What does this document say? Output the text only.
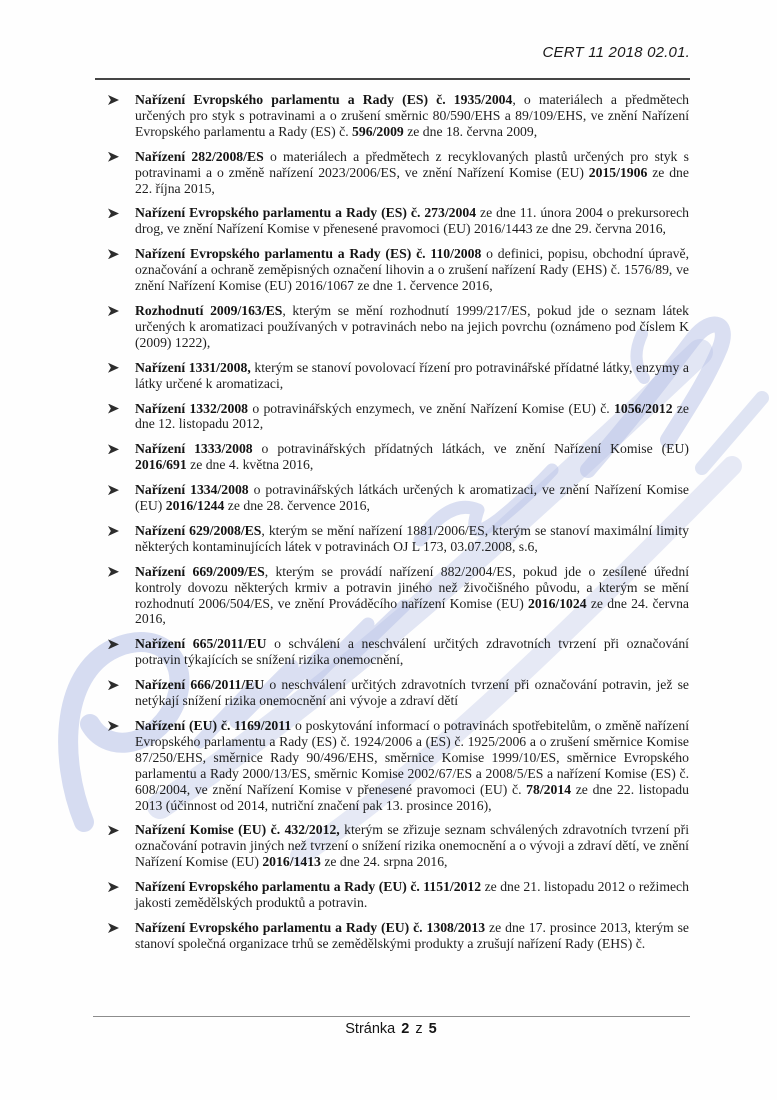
CERT 11 2018 02.01.
Nařízení Evropského parlamentu a Rady (ES) č. 1935/2004, o materiálech a předmětech určených pro styk s potravinami a o zrušení směrnic 80/590/EHS a 89/109/EHS, ve znění Nařízení Evropského parlamentu a Rady (ES) č. 596/2009 ze dne 18. června 2009,
Nařízení 282/2008/ES o materiálech a předmětech z recyklovaných plastů určených pro styk s potravinami a o změně nařízení 2023/2006/ES, ve znění Nařízení Komise (EU) 2015/1906 ze dne 22. října 2015,
Nařízení Evropského parlamentu a Rady (ES) č. 273/2004 ze dne 11. února 2004 o prekursorech drog, ve znění Nařízení Komise v přenesené pravomoci (EU) 2016/1443 ze dne 29. června 2016,
Nařízení Evropského parlamentu a Rady (ES) č. 110/2008 o definici, popisu, obchodní úpravě, označování a ochraně zeměpisných označení lihovin a o zrušení nařízení Rady (EHS) č. 1576/89, ve znění Nařízení Komise (EU) 2016/1067 ze dne 1. července 2016,
Rozhodnutí 2009/163/ES, kterým se mění rozhodnutí 1999/217/ES, pokud jde o seznam látek určených k aromatizaci používaných v potravinách nebo na jejich povrchu (oznámeno pod číslem K (2009) 1222),
Nařízení 1331/2008, kterým se stanoví povolovací řízení pro potravinářské přídatné látky, enzymy a látky určené k aromatizaci,
Nařízení 1332/2008 o potravinářských enzymech, ve znění Nařízení Komise (EU) č. 1056/2012 ze dne 12. listopadu 2012,
Nařízení 1333/2008 o potravinářských přídatných látkách, ve znění Nařízení Komise (EU) 2016/691 ze dne 4. května 2016,
Nařízení 1334/2008 o potravinářských látkách určených k aromatizaci, ve znění Nařízení Komise (EU) 2016/1244 ze dne 28. července 2016,
Nařízení 629/2008/ES, kterým se mění nařízení 1881/2006/ES, kterým se stanoví maximální limity některých kontaminujících látek v potravinách OJ L 173, 03.07.2008, s.6,
Nařízení 669/2009/ES, kterým se provádí nařízení 882/2004/ES, pokud jde o zesílené úřední kontroly dovozu některých krmiv a potravin jiného než živočišného původu, a kterým se mění rozhodnutí 2006/504/ES, ve znění Prováděcího nařízení Komise (EU) 2016/1024 ze dne 24. června 2016,
Nařízení 665/2011/EU o schválení a neschválení určitých zdravotních tvrzení při označování potravin týkajících se snížení rizika onemocnění,
Nařízení 666/2011/EU o neschválení určitých zdravotních tvrzení při označování potravin, jež se netýkají snížení rizika onemocnění ani vývoje a zdraví dětí
Nařízení (EU) č. 1169/2011 o poskytování informací o potravinách spotřebitelům, o změně nařízení Evropského parlamentu a Rady (ES) č. 1924/2006 a (ES) č. 1925/2006 a o zrušení směrnice Komise 87/250/EHS, směrnice Rady 90/496/EHS, směrnice Komise 1999/10/ES, směrnice Evropského parlamentu a Rady 2000/13/ES, směrnic Komise 2002/67/ES a 2008/5/ES a nařízení Komise (ES) č. 608/2004, ve znění Nařízení Komise v přenesené pravomoci (EU) č. 78/2014 ze dne 22. listopadu 2013 (účinnost od 2014, nutriční značení pak 13. prosince 2016),
Nařízení Komise (EU) č. 432/2012, kterým se zřizuje seznam schválených zdravotních tvrzení při označování potravin jiných než tvrzení o snížení rizika onemocnění a o vývoji a zdraví dětí, ve znění Nařízení Komise (EU) 2016/1413 ze dne 24. srpna 2016,
Nařízení Evropského parlamentu a Rady (EU) č. 1151/2012 ze dne 21. listopadu 2012 o režimech jakosti zemědělských produktů a potravin.
Nařízení Evropského parlamentu a Rady (EU) č. 1308/2013 ze dne 17. prosince 2013, kterým se stanoví společná organizace trhů se zemědělskými produkty a zrušují nařízení Rady (EHS) č.
Stránka 2 z 5
